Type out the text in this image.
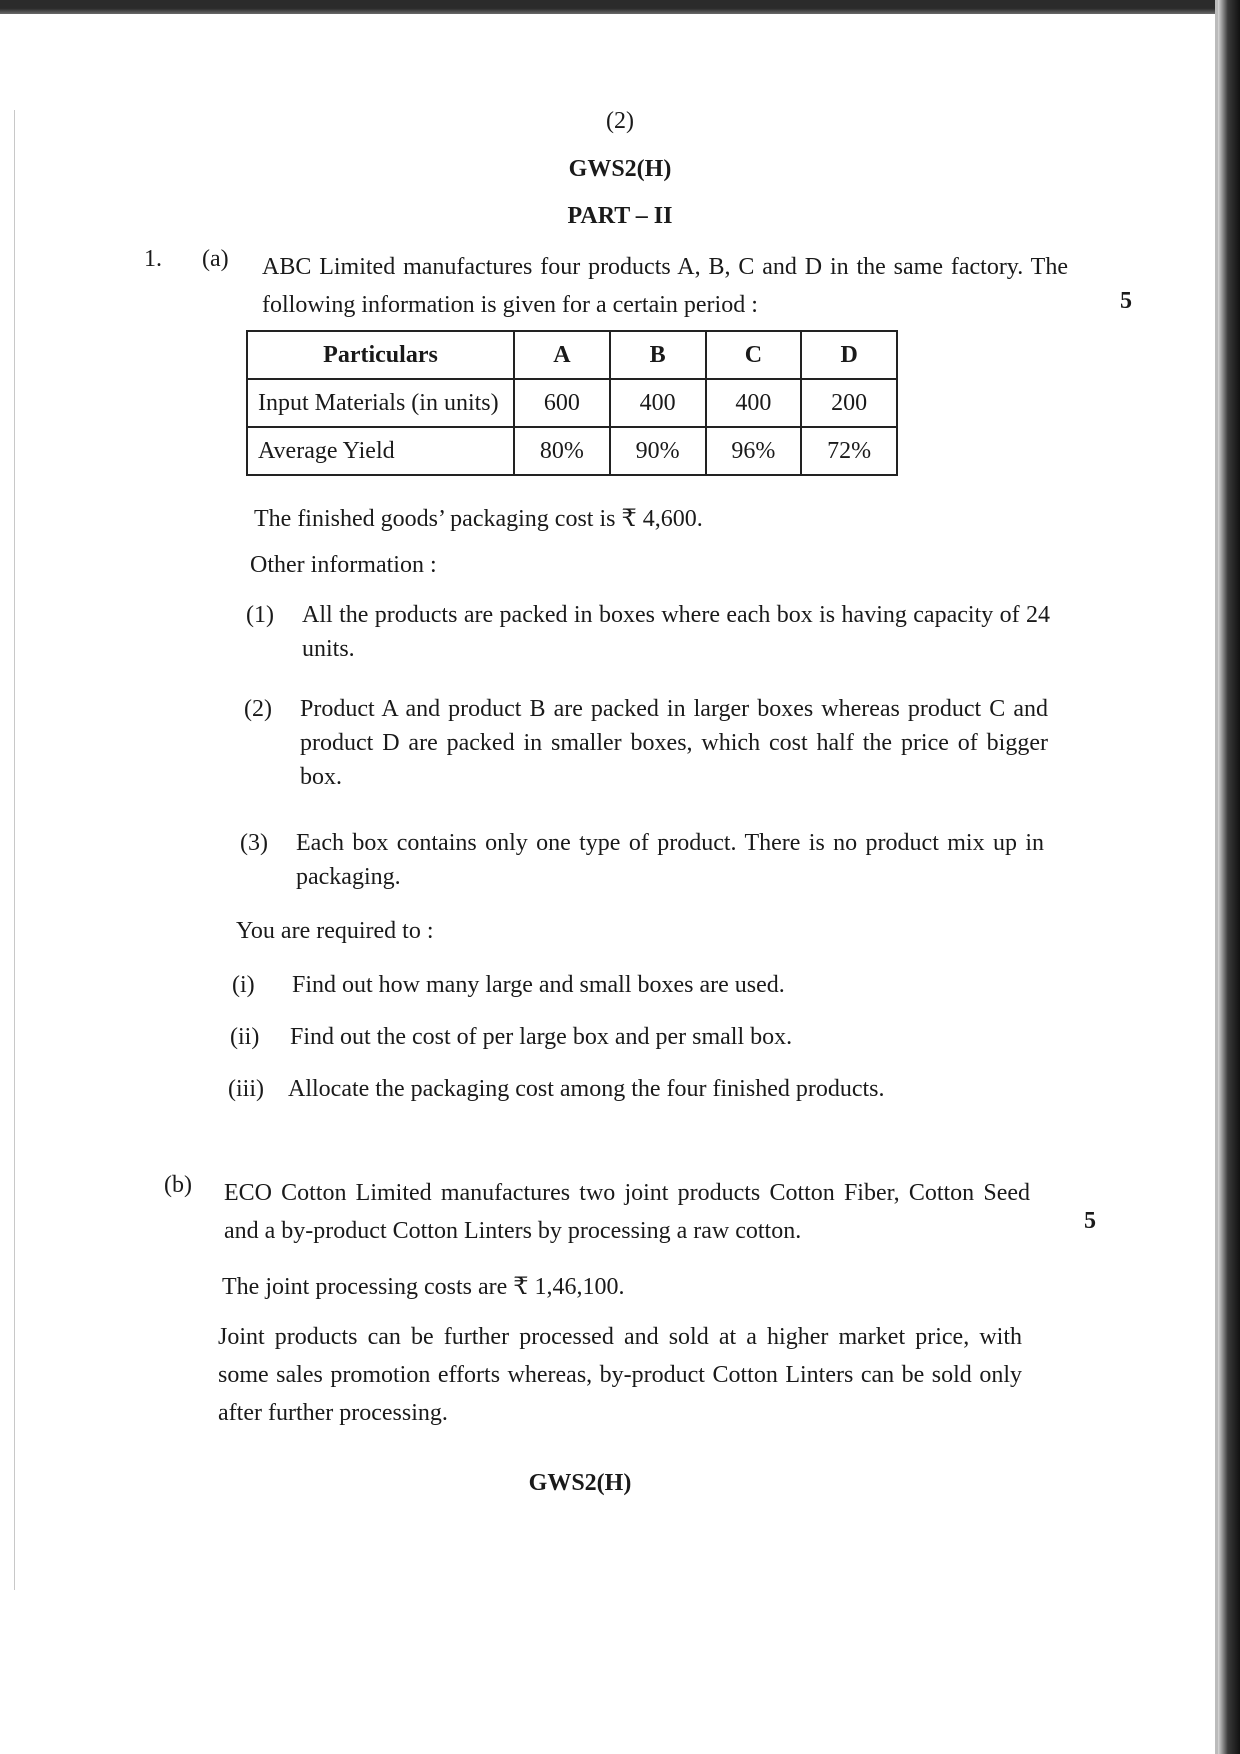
(2)
GWS2(H)
PART – II
1. (a) ABC Limited manufactures four products A, B, C and D in the same factory. The following information is given for a certain period :	5
Particulars	A	B	C	D
Input Materials (in units)	600	400	400	200
Average Yield	80%	90%	96%	72%
The finished goods’ packaging cost is ₹ 4,600.
Other information :
(1) All the products are packed in boxes where each box is having capacity of 24 units.
(2) Product A and product B are packed in larger boxes whereas product C and product D are packed in smaller boxes, which cost half the price of bigger box.
(3) Each box contains only one type of product. There is no product mix up in packaging.
You are required to :
(i) Find out how many large and small boxes are used.
(ii) Find out the cost of per large box and per small box.
(iii) Allocate the packaging cost among the four finished products.
(b) ECO Cotton Limited manufactures two joint products Cotton Fiber, Cotton Seed and a by-product Cotton Linters by processing a raw cotton.	5
The joint processing costs are ₹ 1,46,100.
Joint products can be further processed and sold at a higher market price, with some sales promotion efforts whereas, by-product Cotton Linters can be sold only after further processing.
GWS2(H)
